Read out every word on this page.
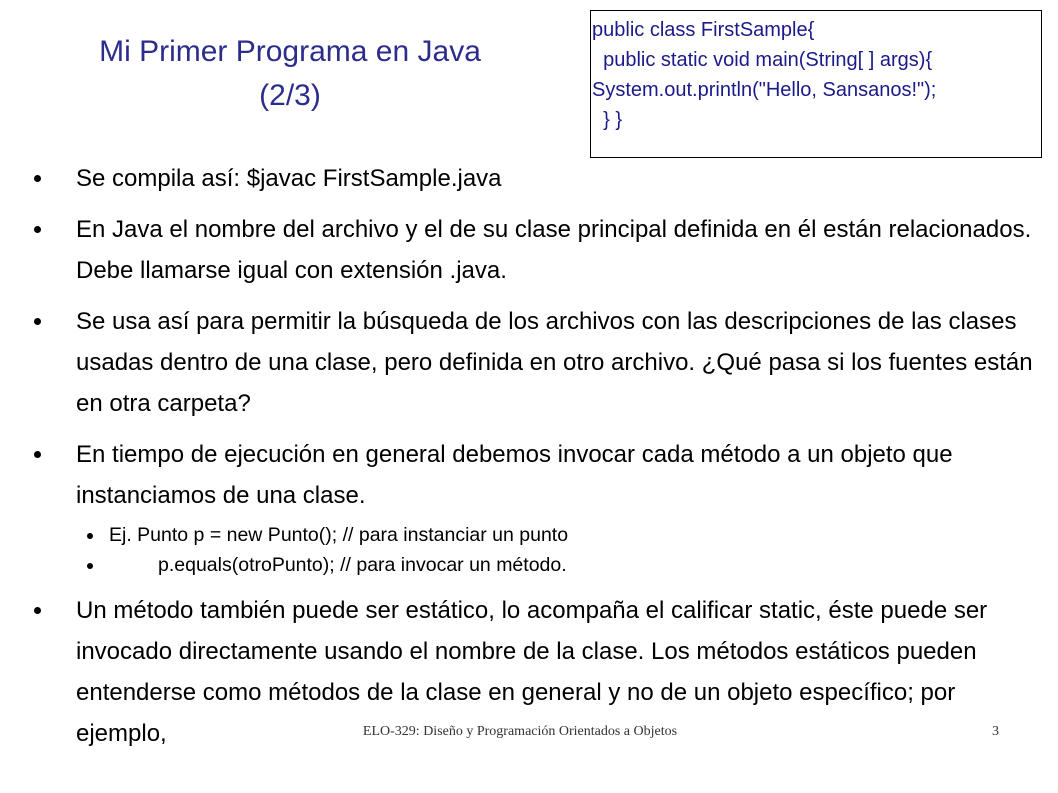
Mi Primer Programa en Java
(2/3)
public class FirstSample{
public static void main(String[ ] args){
System.out.println("Hello, Sansanos!");
} }
Se compila así: $javac FirstSample.java
En Java el nombre del archivo y el de su clase principal definida en él están relacionados. Debe llamarse igual con extensión .java.
Se usa así para permitir la búsqueda de los archivos con las descripciones de las clases usadas dentro de una clase, pero definida en otro archivo. ¿Qué pasa si los fuentes están en otra carpeta?
En tiempo de ejecución en general debemos invocar cada método a un objeto que instanciamos de una clase.
Ej. Punto p = new Punto(); // para instanciar un punto
p.equals(otroPunto); // para invocar un método.
Un método también puede ser estático, lo acompaña el calificar static, éste puede ser invocado directamente usando el nombre de la clase. Los métodos estáticos pueden entenderse como métodos de la clase en general y no de un objeto específico; por ejemplo,	ELO-329: Diseño y Programación Orientados a Objetos	3
